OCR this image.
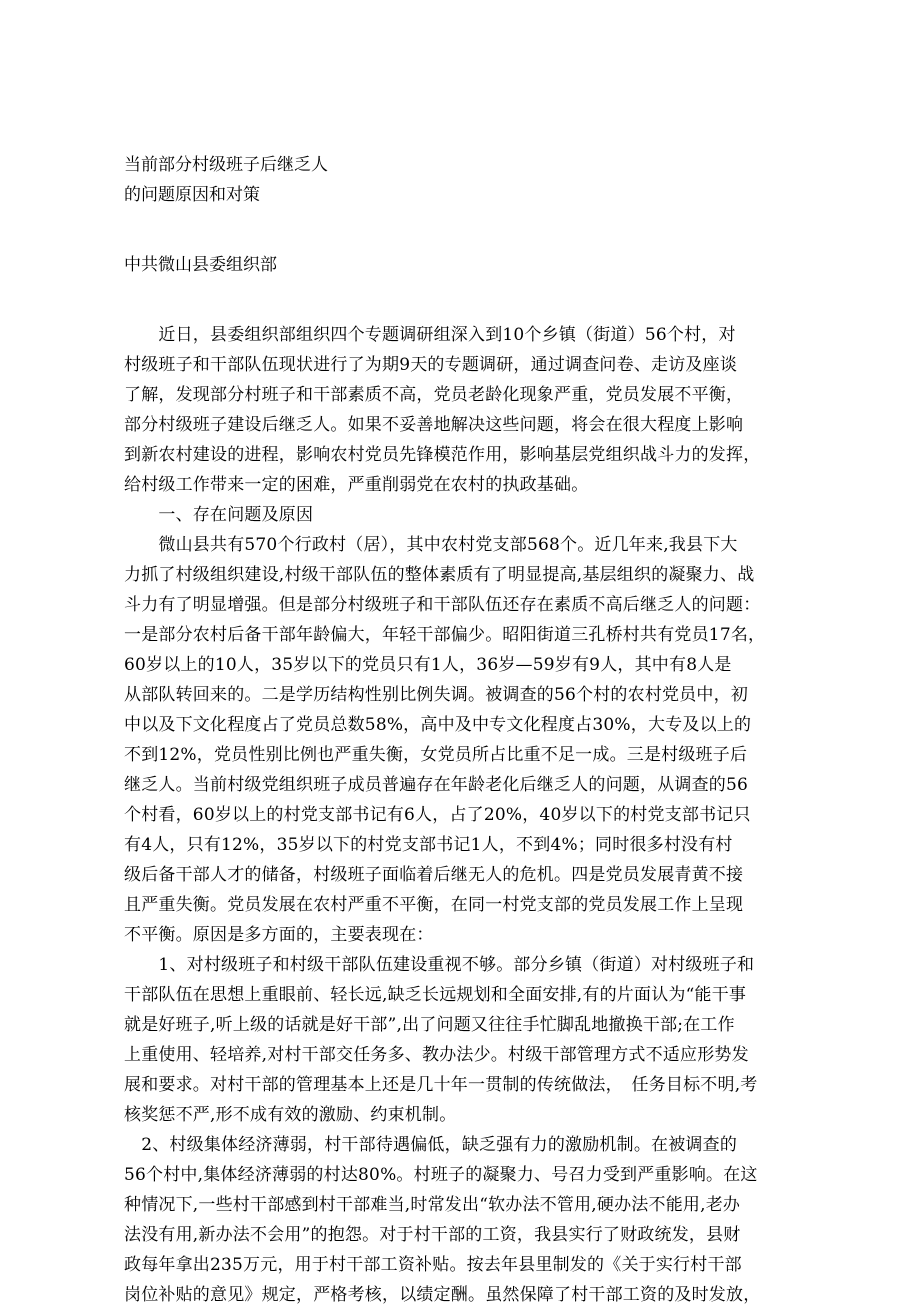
当前部分村级班子后继乏人

的问题原因和对策

中共微山县委组织部

　　近日，县委组织部组织四个专题调研组深入到10个乡镇（街道）56个村，对
村级班子和干部队伍现状进行了为期9天的专题调研，通过调查问卷、走访及座谈
了解，发现部分村班子和干部素质不高，党员老龄化现象严重，党员发展不平衡，
部分村级班子建设后继乏人。如果不妥善地解决这些问题，将会在很大程度上影响
到新农村建设的进程，影响农村党员先锋模范作用，影响基层党组织战斗力的发挥，
给村级工作带来一定的困难，严重削弱党在农村的执政基础。

　　一、存在问题及原因

　　微山县共有570个行政村（居），其中农村党支部568个。近几年来,我县下大
力抓了村级组织建设,村级干部队伍的整体素质有了明显提高,基层组织的凝聚力、战
斗力有了明显增强。但是部分村级班子和干部队伍还存在素质不高后继乏人的问题：
一是部分农村后备干部年龄偏大，年轻干部偏少。昭阳街道三孔桥村共有党员17名，
60岁以上的10人，35岁以下的党员只有1人，36岁—59岁有9人，其中有8人是
从部队转回来的。二是学历结构性别比例失调。被调查的56个村的农村党员中，初
中以及下文化程度占了党员总数58%，高中及中专文化程度占30%，大专及以上的
不到12%，党员性别比例也严重失衡，女党员所占比重不足一成。三是村级班子后
继乏人。当前村级党组织班子成员普遍存在年龄老化后继乏人的问题，从调查的56
个村看，60岁以上的村党支部书记有6人，占了20%，40岁以下的村党支部书记只
有4人，只有12%，35岁以下的村党支部书记1人，不到4%；同时很多村没有村
级后备干部人才的储备，村级班子面临着后继无人的危机。四是党员发展青黄不接
且严重失衡。党员发展在农村严重不平衡，在同一村党支部的党员发展工作上呈现
不平衡。原因是多方面的，主要表现在：

　　1、对村级班子和村级干部队伍建设重视不够。部分乡镇（街道）对村级班子和
干部队伍在思想上重眼前、轻长远,缺乏长远规划和全面安排,有的片面认为“能干事
就是好班子,听上级的话就是好干部”,出了问题又往往手忙脚乱地撤换干部;在工作
上重使用、轻培养,对村干部交任务多、教办法少。村级干部管理方式不适应形势发
展和要求。对村干部的管理基本上还是几十年一贯制的传统做法，　任务目标不明,考
核奖惩不严,形不成有效的激励、约束机制。

　2、村级集体经济薄弱，村干部待遇偏低，缺乏强有力的激励机制。在被调查的
56个村中,集体经济薄弱的村达80%。村班子的凝聚力、号召力受到严重影响。在这
种情况下,一些村干部感到村干部难当,时常发出“软办法不管用,硬办法不能用,老办
法没有用,新办法不会用”的抱怨。对于村干部的工资，我县实行了财政统发，县财
政每年拿出235万元，用于村干部工资补贴。按去年县里制发的《关于实行村干部
岗位补贴的意见》规定，严格考核，以绩定酬。虽然保障了村干部工资的及时发放，
